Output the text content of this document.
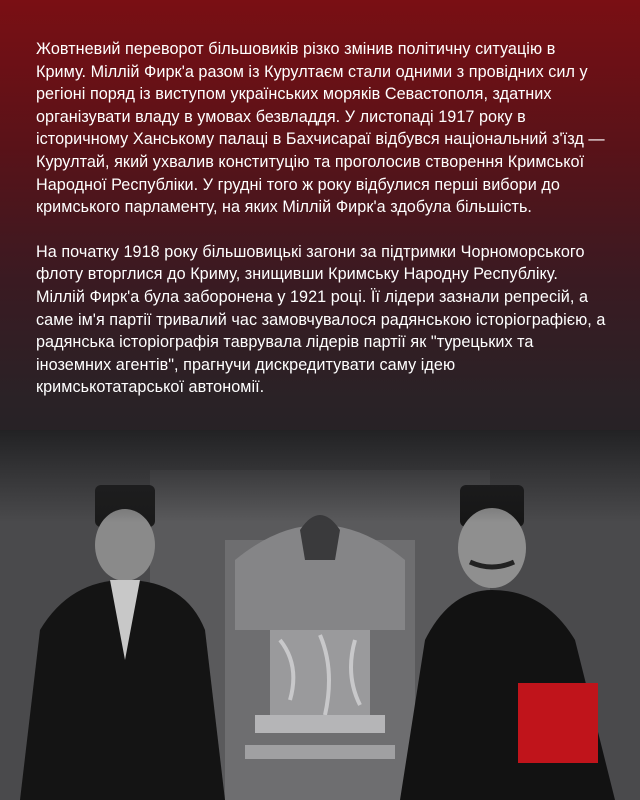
Жовтневий переворот більшовиків різко змінив політичну ситуацію в Криму. Міллій Фирк'а разом із Курултаєм стали одними з провідних сил у регіоні поряд із виступом українських моряків Севастополя, здатних організувати владу в умовах безвладдя. У листопаді 1917 року в історичному Ханському палаці в Бахчисараї відбувся національний з'їзд — Курултай, який ухвалив конституцію та проголосив створення Кримської Народної Республіки. У грудні того ж року відбулися перші вибори до кримського парламенту, на яких Міллій Фирк'а здобула більшість.

На початку 1918 року більшовицькі загони за підтримки Чорноморського флоту вторглися до Криму, знищивши Кримську Народну Республіку. Міллій Фирк'а була заборонена у 1921 році. Її лідери зазнали репресій, а саме ім'я партії тривалий час замовчувалося радянською історіографією, а радянська історіографія таврувала лідерів партії як "турецьких та іноземних агентів", прагнучи дискредитувати саму ідею кримськотатарської автономії.
